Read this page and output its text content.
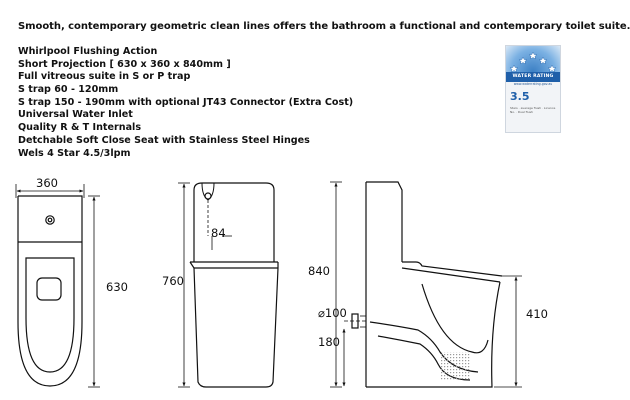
Smooth, contemporary geometric clean lines offers the bathroom a functional and contemporary toilet suite.
Whirlpool Flushing Action
Short Projection [ 630 x 360 x 840mm ]
Full vitreous suite in S or P trap
S trap 60 - 120mm
S trap 150 - 190mm with optional JT43 Connector (Extra Cost)
Universal Water Inlet
Quality R & T Internals
Detchable Soft Close Seat with Stainless Steel Hinges
Wels 4 Star 4.5/3lpm
WATER RATING
www.waterrating.gov.au
3.5
Stars · average flush · Licence No. · Dual flush
360
630	760
84
840
⌀100
180
410
